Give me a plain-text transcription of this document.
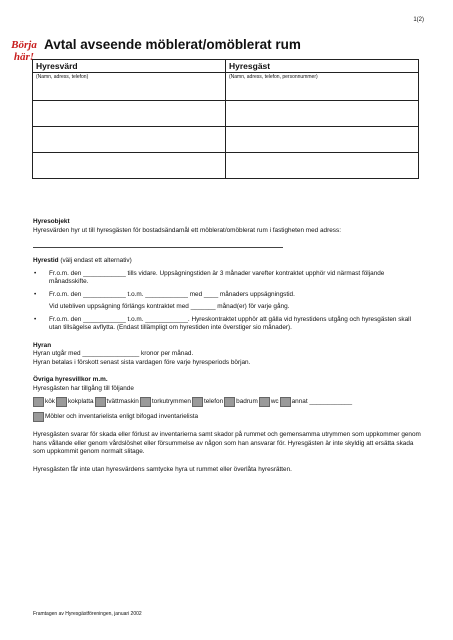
1(2)
Börja här!
Avtal avseende möblerat/omöblerat rum
Hyresvärd	Hyresgäst
(Namn, adress, telefon)	(Namn, adress, telefon, personnummer)

Hyresobjekt

Hyresvärden hyr ut till hyresgästen för bostadsändamål ett möblerat/omöblerat rum i fastigheten med adress:

Hyrestid (välj endast ett alternativ)
• Fr.o.m. den ____________ tills vidare. Uppsägningstiden är 3 månader varefter kontraktet upphör vid närmast följande månadsskifte.
• Fr.o.m. den ____________ t.o.m. ____________ med ____ månaders uppsägningstid.
Vid utebliven uppsägning förlängs kontraktet med _______ månad(er) för varje gång.
• Fr.o.m. den ____________ t.o.m. ____________. Hyreskontraktet upphör att gälla vid hyrestidens utgång och hyresgästen skall utan tillsägelse avflytta. (Endast tillämpligt om hyrestiden inte överstiger sio månader).
Hyran

Hyran utgår med ________________ kronor per månad.

Hyran betalas i förskott senast sista vardagen före varje hyresperiods början.

Övriga hyresvillkor m.m.

Hyresgästen har tillgång till följande

kök kokplatta tvättmaskin torkutrymmen telefon badrum wc annat ____________
Möbler och inventarielista enligt bifogad inventarielista

Hyresgästen svarar för skada eller förlust av inventarierna samt skador på rummet och gemensamma utrymmen som uppkommer genom hans vållande eller genom vårdslöshet eller försummelse av någon som han ansvarar för. Hyresgästen är inte skyldig att ersätta skada som uppkommit genom normalt slitage.

Hyresgästen får inte utan hyresvärdens samtycke hyra ut rummet eller överlåta hyresrätten.

Framtagen av Hyresgästföreningen, januari 2002
